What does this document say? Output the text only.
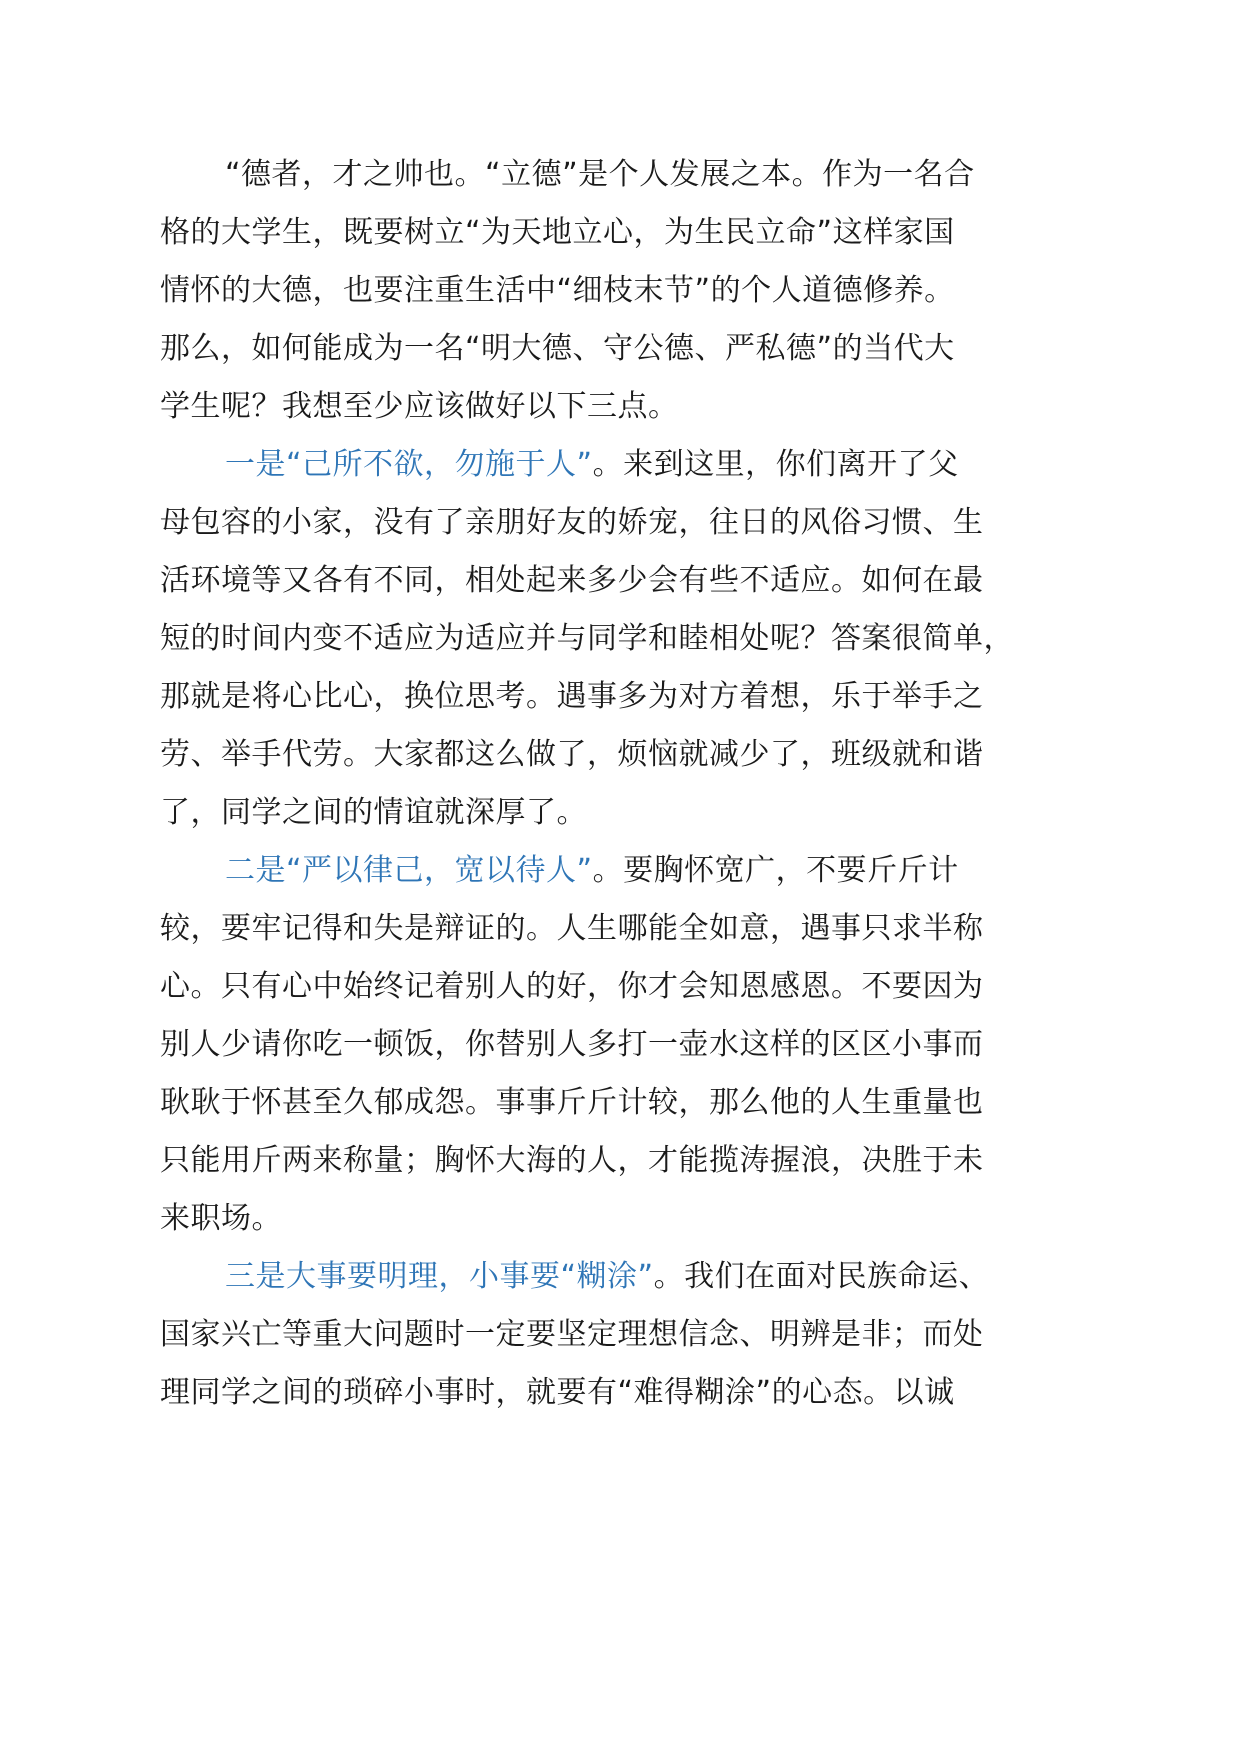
“德者，才之帅也。“立德”是个人发展之本。作为一名合
格的大学生，既要树立“为天地立心，为生民立命”这样家国
情怀的大德，也要注重生活中“细枝末节”的个人道德修养。
那么，如何能成为一名“明大德、守公德、严私德”的当代大
学生呢？我想至少应该做好以下三点。
一是“己所不欲，勿施于人”。来到这里，你们离开了父
母包容的小家，没有了亲朋好友的娇宠，往日的风俗习惯、生
活环境等又各有不同，相处起来多少会有些不适应。如何在最
短的时间内变不适应为适应并与同学和睦相处呢？答案很简单，
那就是将心比心，换位思考。遇事多为对方着想，乐于举手之
劳、举手代劳。大家都这么做了，烦恼就减少了，班级就和谐
了，同学之间的情谊就深厚了。
二是“严以律己，宽以待人”。要胸怀宽广，不要斤斤计
较，要牢记得和失是辩证的。人生哪能全如意，遇事只求半称
心。只有心中始终记着别人的好，你才会知恩感恩。不要因为
别人少请你吃一顿饭，你替别人多打一壶水这样的区区小事而
耿耿于怀甚至久郁成怨。事事斤斤计较，那么他的人生重量也
只能用斤两来称量；胸怀大海的人，才能揽涛握浪，决胜于未
来职场。
三是大事要明理，小事要“糊涂”。我们在面对民族命运、
国家兴亡等重大问题时一定要坚定理想信念、明辨是非；而处
理同学之间的琐碎小事时，就要有“难得糊涂”的心态。以诚
